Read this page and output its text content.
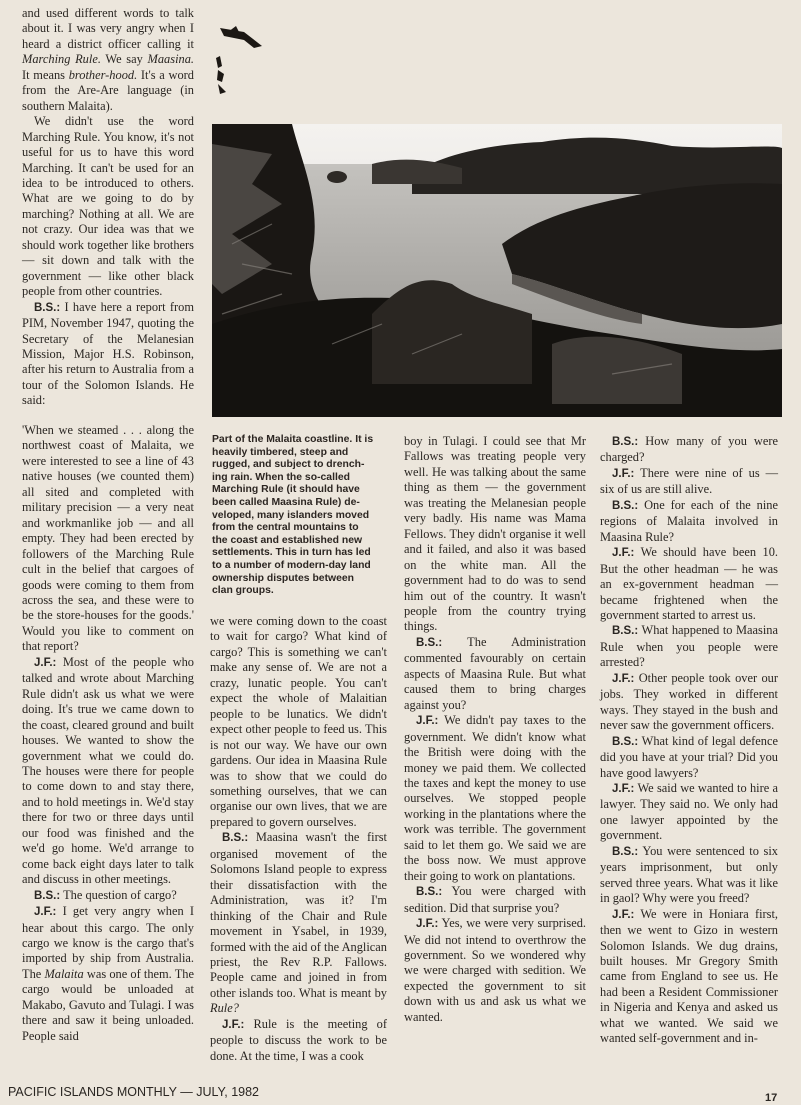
and used different words to talk about it. I was very angry when I heard a district officer calling it Marching Rule. We say Maasina. It means brother-hood. It's a word from the Are-Are language (in southern Malaita).

We didn't use the word Marching Rule. You know, it's not useful for us to have this word Marching. It can't be used for an idea to be introduced to others. What are we going to do by marching? Nothing at all. We are not crazy. Our idea was that we should work together like brothers — sit down and talk with the government — like other black people from other countries.

B.S.: I have here a report from PIM, November 1947, quoting the Secretary of the Melanesian Mission, Major H.S. Robinson, after his return to Australia from a tour of the Solomon Islands. He said:

'When we steamed . . . along the northwest coast of Malaita, we were interested to see a line of 43 native houses (we counted them) all sited and completed with military precision — a very neat and workmanlike job — and all empty. They had been erected by followers of the Marching Rule cult in the belief that cargoes of goods were coming to them from across the sea, and these were to be the store-houses for the goods.' Would you like to comment on that report?

J.F.: Most of the people who talked and wrote about Marching Rule didn't ask us what we were doing. It's true we came down to the coast, cleared ground and built houses. We wanted to show the government what we could do. The houses were there for people to come down to and stay there, and to hold meetings in. We'd stay there for two or three days until our food was finished and the we'd go home. We'd arrange to come back eight days later to talk and discuss in other meetings.

B.S.: The question of cargo?

J.F.: I get very angry when I hear about this cargo. The only cargo we know is the cargo that's imported by ship from Australia. The Malaita was one of them. The cargo would be unloaded at Makabo, Gavuto and Tulagi. I was there and saw it being unloaded. People said

Part of the Malaita coastline. It is
heavily timbered, steep and
rugged, and subject to drench-
ing rain. When the so-called
Marching Rule (it should have
been called Maasina Rule) de-
veloped, many islanders moved
from the central mountains to
the coast and established new
settlements. This in turn has led
to a number of modern-day land
ownership disputes between
clan groups.

we were coming down to the coast to wait for cargo? What kind of cargo? This is something we can't make any sense of. We are not a crazy, lunatic people. You can't expect the whole of Malaitian people to be lunatics. We didn't expect other people to feed us. This is not our way. We have our own gardens. Our idea in Maasina Rule was to show that we could do something ourselves, that we can organise our own lives, that we are prepared to govern ourselves.

B.S.: Maasina wasn't the first organised movement of the Solomons Island people to express their dissatisfaction with the Administration, was it? I'm thinking of the Chair and Rule movement in Ysabel, in 1939, formed with the aid of the Anglican priest, the Rev R.P. Fallows. People came and joined in from other islands too. What is meant by Rule?

J.F.: Rule is the meeting of people to discuss the work to be done. At the time, I was a cook

boy in Tulagi. I could see that Mr Fallows was treating people very well. He was talking about the same thing as them — the government was treating the Melanesian people very badly. His name was Mama Fellows. They didn't organise it well and it failed, and also it was based on the white man. All the government had to do was to send him out of the country. It wasn't people from the country trying things.

B.S.: The Administration commented favourably on certain aspects of Maasina Rule. But what caused them to bring charges against you?

J.F.: We didn't pay taxes to the government. We didn't know what the British were doing with the money we paid them. We collected the taxes and kept the money to use ourselves. We stopped people working in the plantations where the work was terrible. The government said to let them go. We said we are the boss now. We must approve their going to work on plantations.

B.S.: You were charged with sedition. Did that surprise you?

J.F.: Yes, we were very surprised. We did not intend to overthrow the government. So we wondered why we were charged with sedition. We expected the government to sit down with us and ask us what we wanted.

B.S.: How many of you were charged?

J.F.: There were nine of us — six of us are still alive.

B.S.: One for each of the nine regions of Malaita involved in Maasina Rule?

J.F.: We should have been 10. But the other headman — he was an ex-government headman — became frightened when the government started to arrest us.

B.S.: What happened to Maasina Rule when you people were arrested?

J.F.: Other people took over our jobs. They worked in different ways. They stayed in the bush and never saw the government officers.

B.S.: What kind of legal defence did you have at your trial? Did you have good lawyers?

J.F.: We said we wanted to hire a lawyer. They said no. We only had one lawyer appointed by the government.

B.S.: You were sentenced to six years imprisonment, but only served three years. What was it like in gaol? Why were you freed?

J.F.: We were in Honiara first, then we went to Gizo in western Solomon Islands. We dug drains, built houses. Mr Gregory Smith came from England to see us. He had been a Resident Commissioner in Nigeria and Kenya and asked us what we wanted. We said we wanted self-government and in-

PACIFIC ISLANDS MONTHLY — JULY, 1982	17
